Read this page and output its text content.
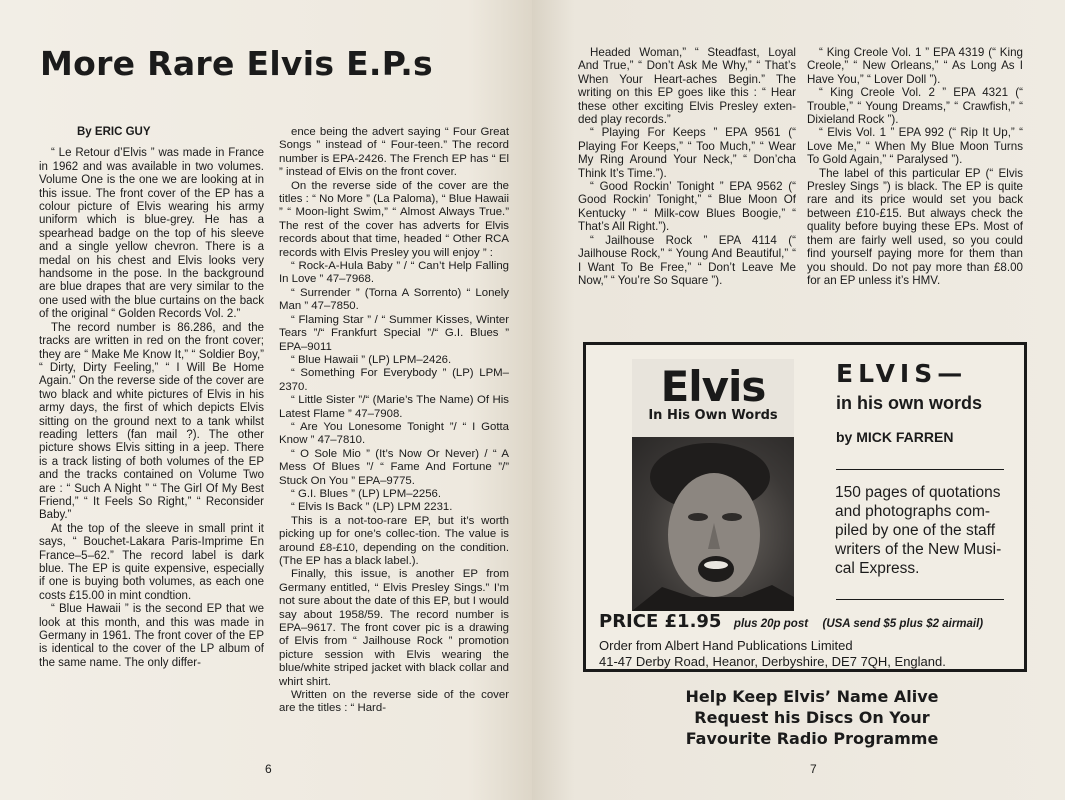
More Rare Elvis E.P.s

By ERIC GUY

“ Le Retour d’Elvis ” was made in France in 1962 and was available in two volumes. Volume One is the one we are looking at in this issue. The front cover of the EP has a colour picture of Elvis wearing his army uniform which is blue-grey. He has a spearhead badge on the top of his sleeve and a single yellow chevron. There is a medal on his chest and Elvis looks very handsome in the pose. In the background are blue drapes that are very similar to the one used with the blue curtains on the back of the original “ Golden Records Vol. 2.”

The record number is 86.286, and the tracks are written in red on the front cover; they are “ Make Me Know It,” “ Soldier Boy,” “ Dirty, Dirty Feeling,” “ I Will Be Home Again.” On the reverse side of the cover are two black and white pictures of Elvis in his army days, the first of which depicts Elvis sitting on the ground next to a tank whilst reading letters (fan mail ?). The other picture shows Elvis sitting in a jeep. There is a track listing of both volumes of the EP and the tracks contained on Volume Two are : “ Such A Night ” “ The Girl Of My Best Friend,” “ It Feels So Right,” “ Reconsider Baby.”

At the top of the sleeve in small print it says, “ Bouchet-Lakara Paris-Imprime En France–5–62.” The record label is dark blue. The EP is quite expensive, especially if one is buying both volumes, as each one costs £15.00 in mint condtion.

“ Blue Hawaii ” is the second EP that we look at this month, and this was made in Germany in 1961. The front cover of the EP is identical to the cover of the LP album of the same name. The only differ-

ence being the advert saying “ Four Great Songs ” instead of “ Four-teen.” The record number is EPA-2426. The French EP has “ El ” instead of Elvis on the front cover.

On the reverse side of the cover are the titles : “ No More ” (La Paloma), “ Blue Hawaii ” “ Moon-light Swim,” “ Almost Always True.” The rest of the cover has adverts for Elvis records about that time, headed “ Other RCA records with Elvis Presley you will enjoy ” :

“ Rock-A-Hula Baby ” / “ Can’t Help Falling In Love ” 47–7968.

“ Surrender ” (Torna A Sorrento) “ Lonely Man ” 47–7850.

“ Flaming Star ” / “ Summer Kisses, Winter Tears ”/“ Frankfurt Special ”/“ G.I. Blues ” EPA–9011

“ Blue Hawaii ” (LP) LPM–2426.

“ Something For Everybody ” (LP) LPM–2370.

“ Little Sister ”/“ (Marie’s The Name) Of His Latest Flame ” 47–7908.

“ Are You Lonesome Tonight ”/ “ I Gotta Know ” 47–7810.

“ O Sole Mio ” (It’s Now Or Never) / “ A Mess Of Blues ”/ “ Fame And Fortune ”/” Stuck On You ” EPA–9775.

“ G.I. Blues ” (LP) LPM–2256.

“ Elvis Is Back ” (LP) LPM 2231.

This is a not-too-rare EP, but it’s worth picking up for one’s collec-tion. The value is around £8-£10, depending on the condition. (The EP has a black label.).

Finally, this issue, is another EP from Germany entitled, “ Elvis Presley Sings.” I’m not sure about the date of this EP, but I would say about 1958/59. The record number is EPA–9617. The front cover pic is a drawing of Elvis from “ Jailhouse Rock ” promotion picture session with Elvis wearing the blue/white striped jacket with black collar and whirt shirt.

Written on the reverse side of the cover are the titles : “ Hard-

6

Headed Woman,” “ Steadfast, Loyal And True,” “ Don’t Ask Me Why,” “ That’s When Your Heart-aches Begin.” The writing on this EP goes like this : “ Hear these other exciting Elvis Presley exten-ded play records.”

“ Playing For Keeps ” EPA 9561 (“ Playing For Keeps,” “ Too Much,” “ Wear My Ring Around Your Neck,” “ Don’cha Think It’s Time.”).

“ Good Rockin’ Tonight ” EPA 9562 (“ Good Rockin’ Tonight,” “ Blue Moon Of Kentucky ” “ Milk-cow Blues Boogie,” “ That’s All Right.”).

“ Jailhouse Rock ” EPA 4114 (“ Jailhouse Rock,” “ Young And Beautiful,” “ I Want To Be Free,” “ Don’t Leave Me Now,” “ You’re So Square ”).

“ King Creole Vol. 1 ” EPA 4319 (“ King Creole,” “ New Orleans,” “ As Long As I Have You,” “ Lover Doll ”).

“ King Creole Vol. 2 ” EPA 4321 (“ Trouble,” “ Young Dreams,” “ Crawfish,” “ Dixieland Rock ”).

“ Elvis Vol. 1 ” EPA 992 (“ Rip It Up,” “ Love Me,” “ When My Blue Moon Turns To Gold Again,” “ Paralysed ”).

The label of this particular EP (“ Elvis Presley Sings ”) is black. The EP is quite rare and its price would set you back between £10-£15. But always check the quality before buying these EPs. Most of them are fairly well used, so you could find yourself paying more for them than you should. Do not pay more than £8.00 for an EP unless it’s HMV.

Elvis
In His Own Words
ELVIS—
in his own words
by MICK FARREN
150 pages of quotations and photographs com-piled by one of the staff writers of the New Musi-cal Express.
PRICE £1.95 plus 20p post (USA send $5 plus $2 airmail)
Order from Albert Hand Publications Limited
41-47 Derby Road, Heanor, Derbyshire, DE7 7QH, England.
Help Keep Elvis’ Name Alive
Request his Discs On Your
Favourite Radio Programme
7
